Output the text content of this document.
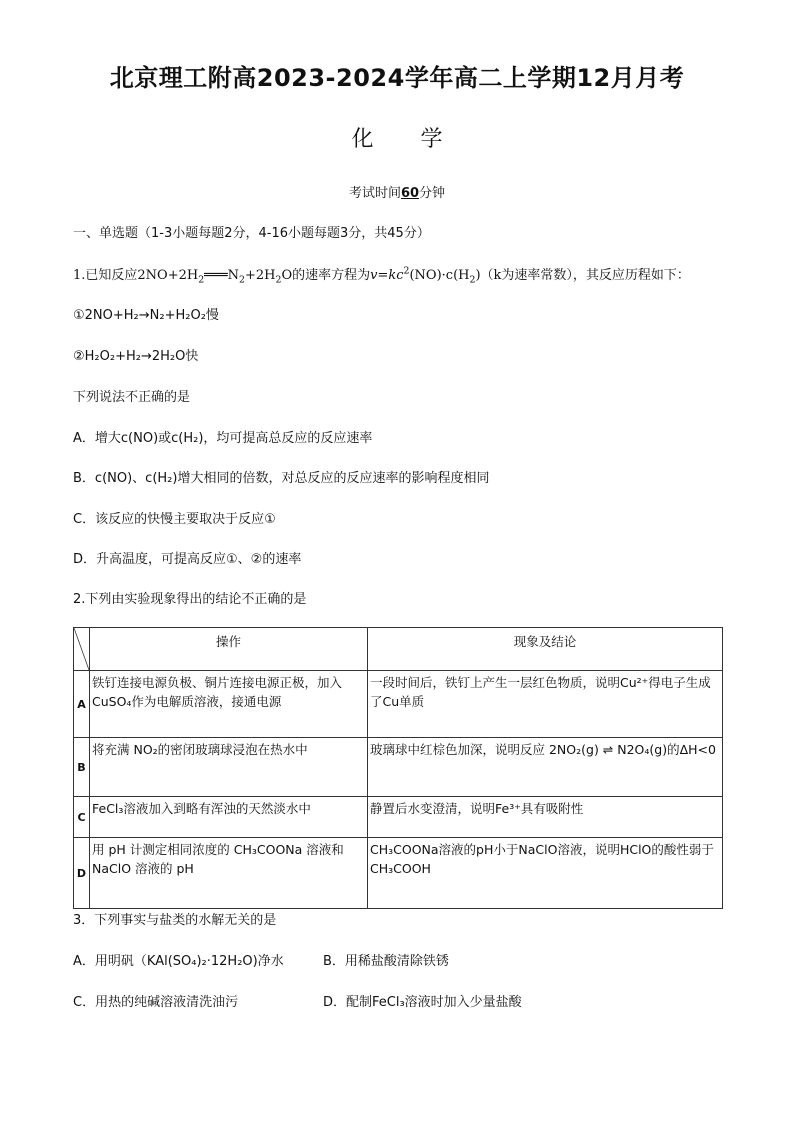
北京理工附高2023-2024学年高二上学期12月月考
化 学
考试时间60分钟
一、单选题（1-3小题每题2分，4-16小题每题3分，共45分）
1.已知反应$2NO+2H_2═══N_2+2H_2O$的速率方程为$v=kc^2(NO)\cdot c(H_2)(k$为速率常数），其反应历程如下：
①2NO+H₂→N₂+H₂O₂慢
②H₂O₂+H₂→2H₂O快
下列说法不正确的是
A．增大c(NO)或c(H₂)，均可提高总反应的反应速率
B．c(NO)、c(H₂)增大相同的倍数，对总反应的反应速率的影响程度相同
C．该反应的快慢主要取决于反应①
D．升高温度，可提高反应①、②的速率
2.下列由实验现象得出的结论不正确的是
	操作	现象及结论
A	铁钉连接电源负极、铜片连接电源正极，加入 CuSO₄作为电解质溶液，接通电源	一段时间后，铁钉上产生一层红色物质，说明Cu²⁺得电子生成了Cu单质
B	将充满 NO₂的密闭玻璃球浸泡在热水中	玻璃球中红棕色加深，说明反应 2NO₂(g) ⇌ N2O₄(g)的ΔH<0
C	FeCl₃溶液加入到略有浑浊的天然淡水中	静置后水变澄清，说明Fe³⁺具有吸附性
D	用 pH 计测定相同浓度的 CH₃COONa 溶液和 NaClO 溶液的 pH	CH₃COONa溶液的pH小于NaClO溶液，说明HClO的酸性弱于CH₃COOH
3．下列事实与盐类的水解无关的是
A．用明矾（KAl(SO₄)₂·12H₂O)净水	B．用稀盐酸清除铁锈
C．用热的纯碱溶液清洗油污	D．配制FeCl₃溶液时加入少量盐酸
